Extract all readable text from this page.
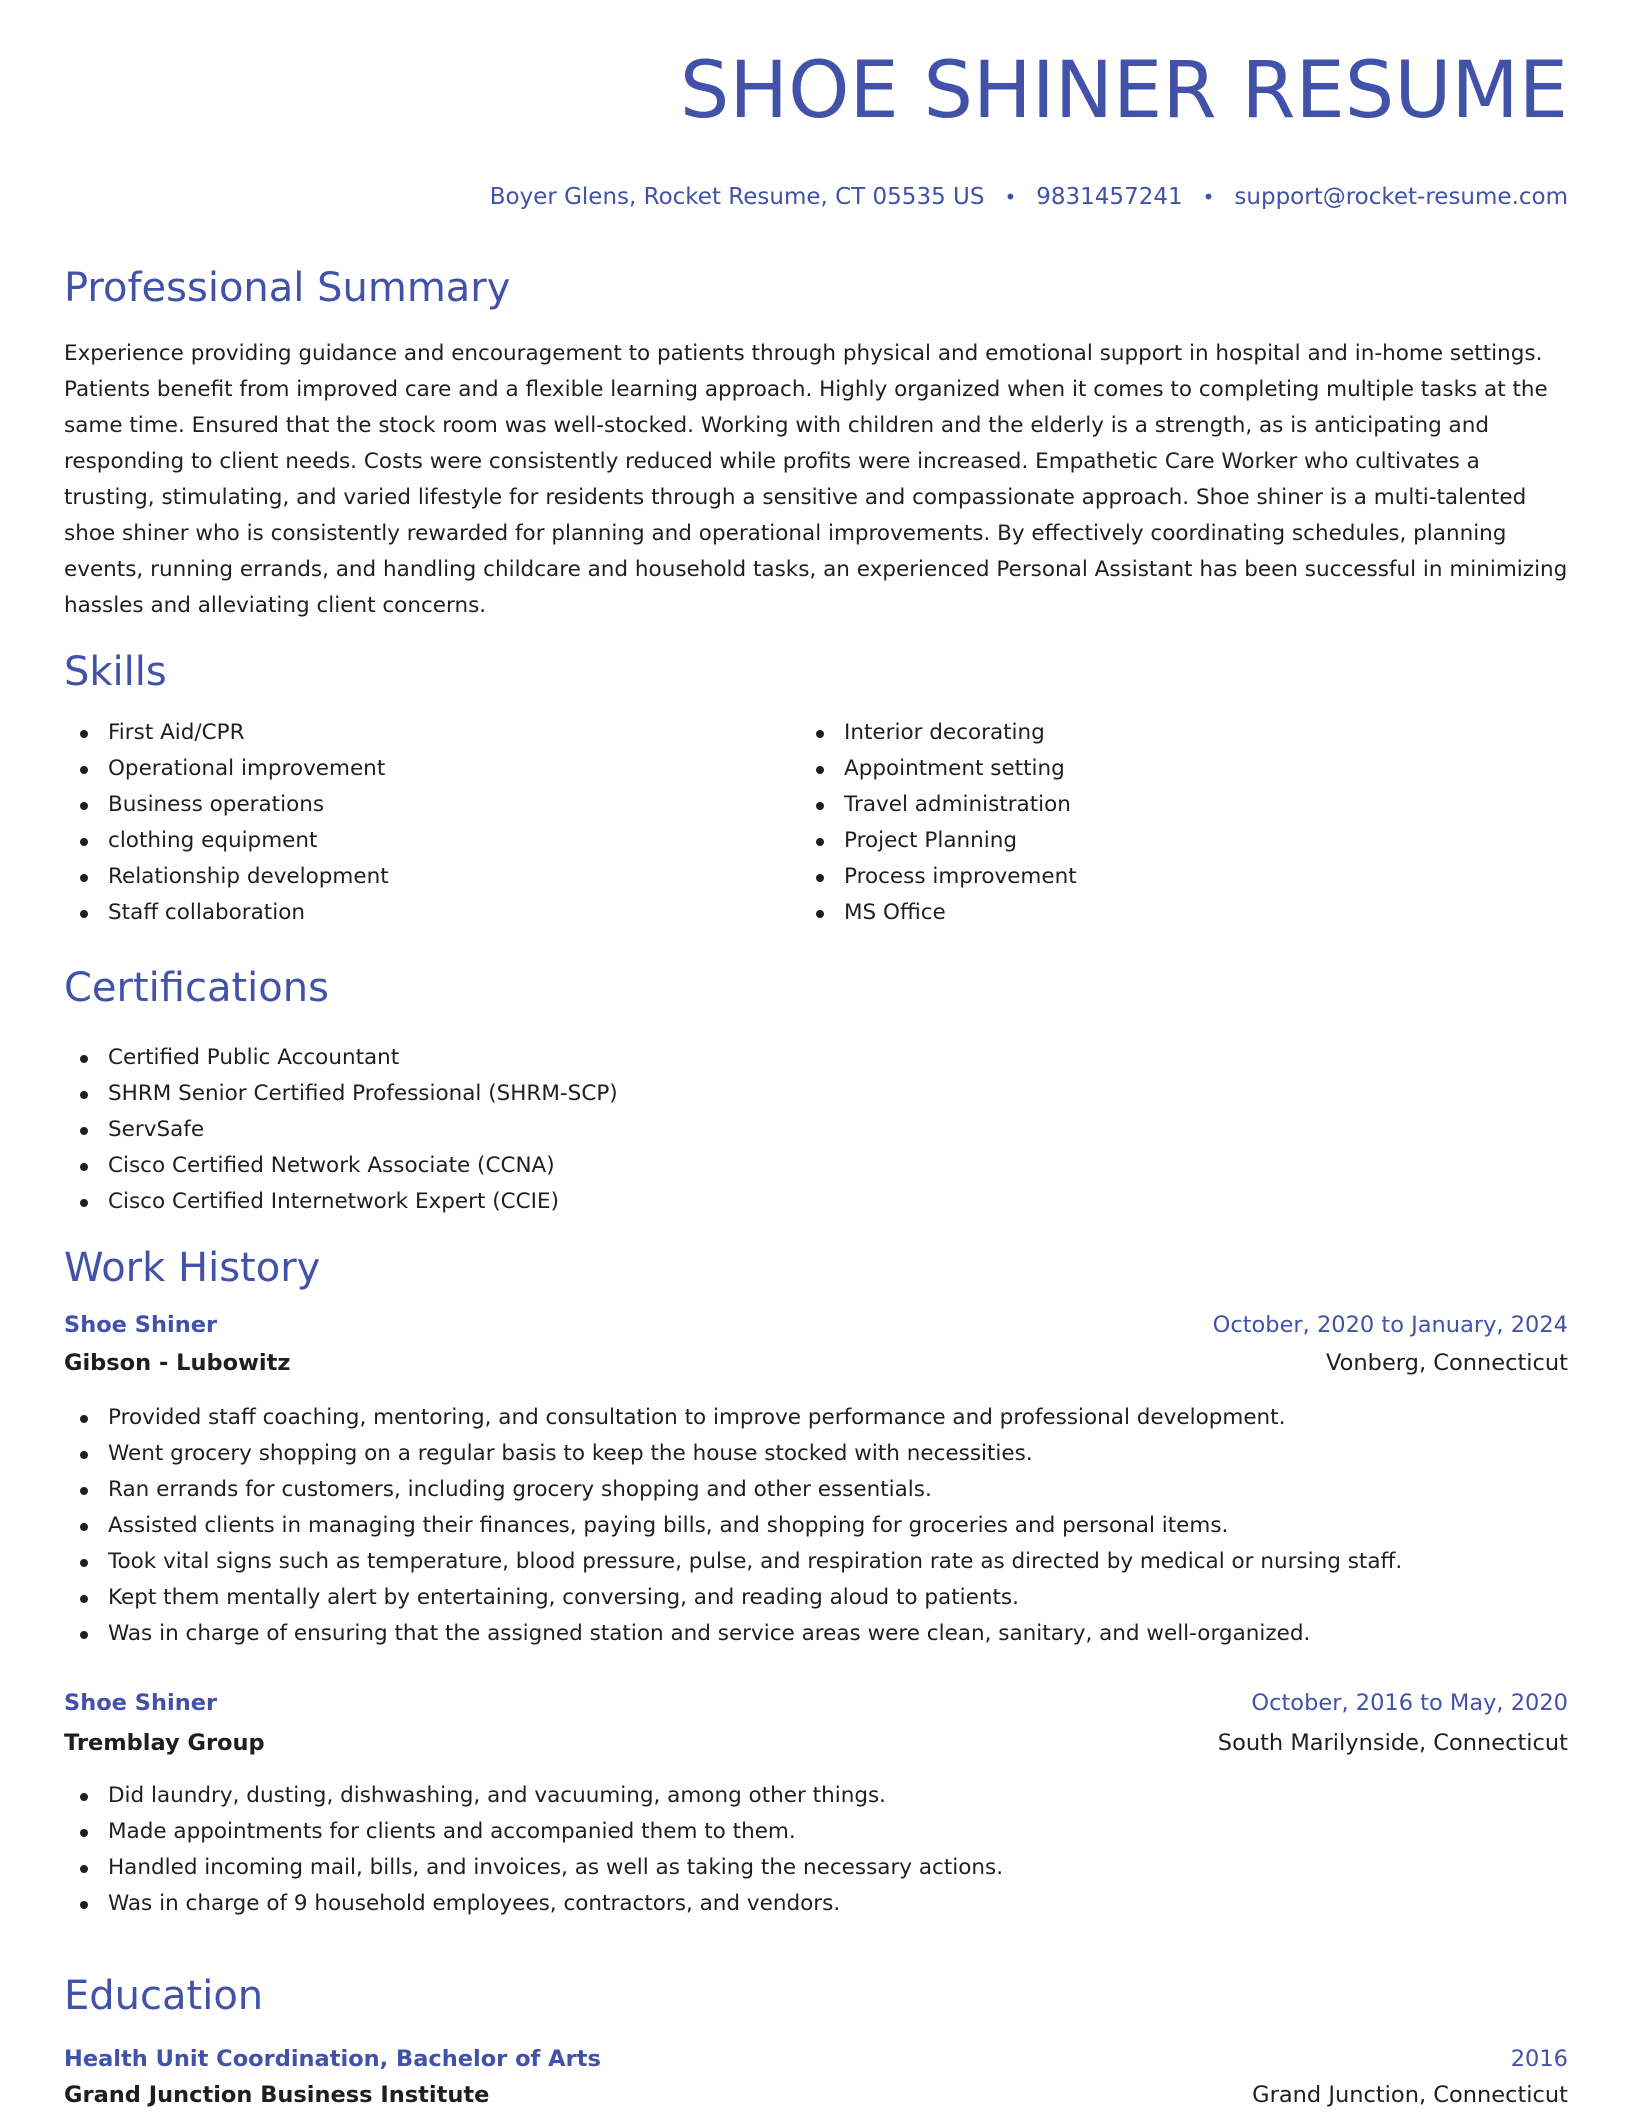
SHOE SHINER RESUME
Boyer Glens, Rocket Resume, CT 05535 US • 9831457241 • support@rocket-resume.com
Professional Summary

Experience providing guidance and encouragement to patients through physical and emotional support in hospital and in-home settings. Patients benefit from improved care and a flexible learning approach. Highly organized when it comes to completing multiple tasks at the same time. Ensured that the stock room was well-stocked. Working with children and the elderly is a strength, as is anticipating and responding to client needs. Costs were consistently reduced while profits were increased. Empathetic Care Worker who cultivates a trusting, stimulating, and varied lifestyle for residents through a sensitive and compassionate approach. Shoe shiner is a multi-talented shoe shiner who is consistently rewarded for planning and operational improvements. By effectively coordinating schedules, planning events, running errands, and handling childcare and household tasks, an experienced Personal Assistant has been successful in minimizing hassles and alleviating client concerns.

Skills
First Aid/CPR
Operational improvement
Business operations
clothing equipment
Relationship development
Staff collaboration
Interior decorating
Appointment setting
Travel administration
Project Planning
Process improvement
MS Office
Certifications
Certified Public Accountant
SHRM Senior Certified Professional (SHRM-SCP)
ServSafe
Cisco Certified Network Associate (CCNA)
Cisco Certified Internetwork Expert (CCIE)
Work History
Shoe Shiner	October, 2020 to January, 2024
Gibson - Lubowitz	Vonberg, Connecticut
Provided staff coaching, mentoring, and consultation to improve performance and professional development.
Went grocery shopping on a regular basis to keep the house stocked with necessities.
Ran errands for customers, including grocery shopping and other essentials.
Assisted clients in managing their finances, paying bills, and shopping for groceries and personal items.
Took vital signs such as temperature, blood pressure, pulse, and respiration rate as directed by medical or nursing staff.
Kept them mentally alert by entertaining, conversing, and reading aloud to patients.
Was in charge of ensuring that the assigned station and service areas were clean, sanitary, and well-organized.
Shoe Shiner	October, 2016 to May, 2020
Tremblay Group	South Marilynside, Connecticut
Did laundry, dusting, dishwashing, and vacuuming, among other things.
Made appointments for clients and accompanied them to them.
Handled incoming mail, bills, and invoices, as well as taking the necessary actions.
Was in charge of 9 household employees, contractors, and vendors.
Education
Health Unit Coordination, Bachelor of Arts	2016
Grand Junction Business Institute	Grand Junction, Connecticut
